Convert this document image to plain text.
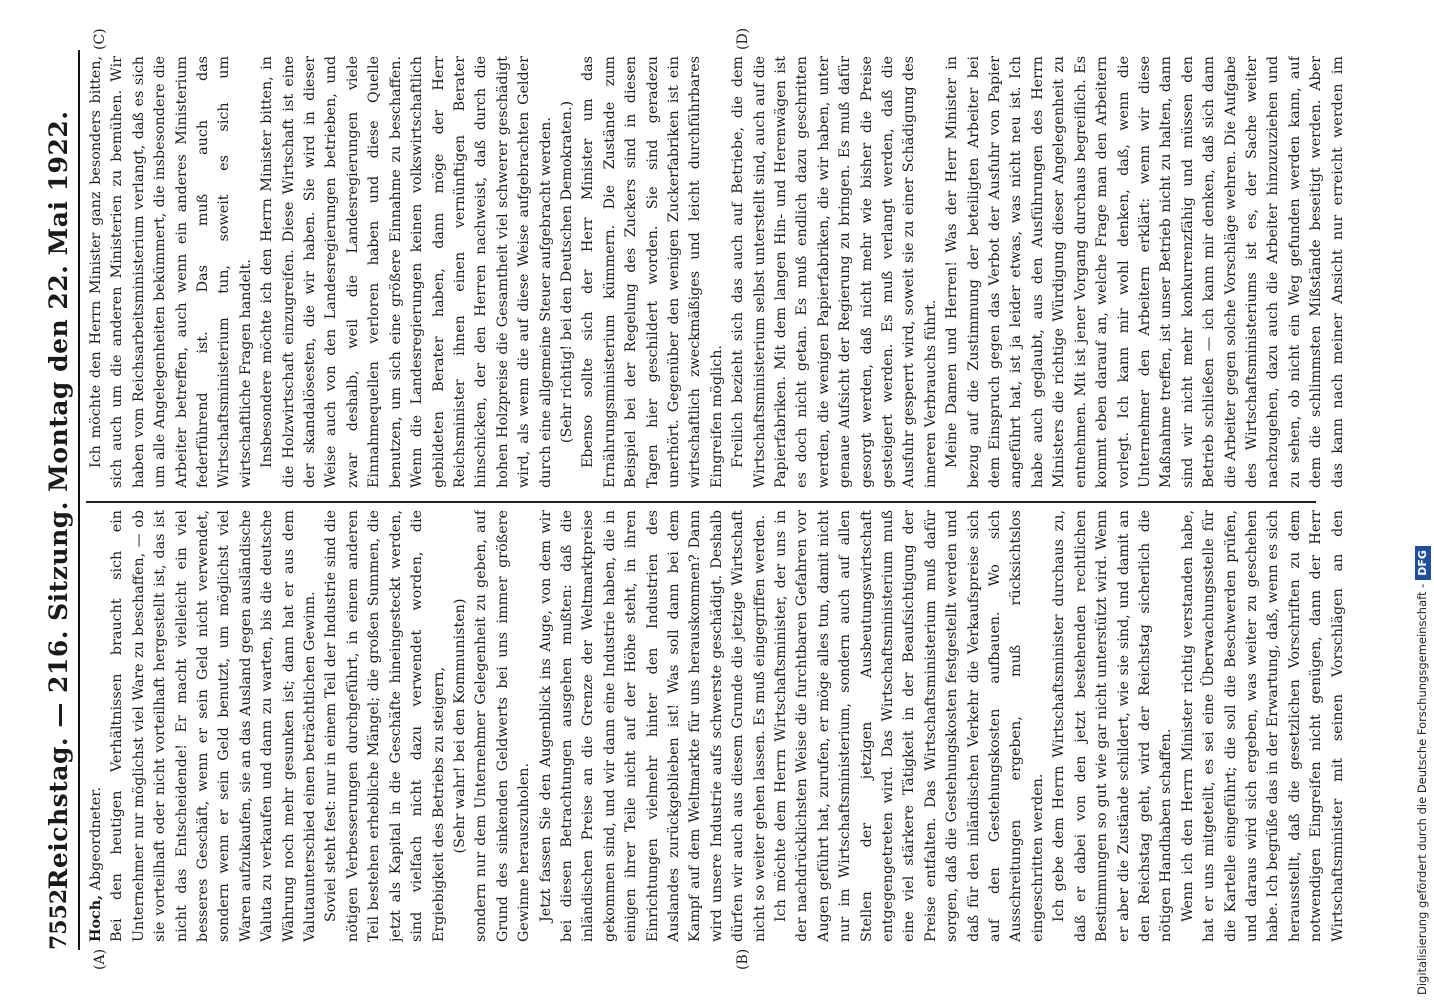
7552
Reichstag. — 216. Sitzung. Montag den 22. Mai 1922.
(A)	(B)
(C)	(D)

Hoch, Abgeordneter. Bei den heutigen Verhältnissen braucht sich ein Unternehmer nur möglichst viel Ware zu beschaffen, — ob sie vorteilhaft oder nicht vorteilhaft hergestellt ist, das ist nicht das Entscheidende! Er macht vielleicht ein viel besseres Geschäft, wenn er sein Geld nicht verwendet, sondern wenn er sein Geld benutzt, um möglichst viel Waren aufzukaufen, sie an das Ausland gegen ausländische Valuta zu verkaufen und dann zu warten, bis die deutsche Währung noch mehr gesunken ist; dann hat er aus dem Valutaunterschied einen beträchtlichen Gewinn. Soviel steht fest: nur in einem Teil der Industrie sind die nötigen Verbesserungen durchgeführt, in einem anderen Teil bestehen erhebliche Mängel; die großen Summen, die jetzt als Kapital in die Geschäfte hineingesteckt werden, sind vielfach nicht dazu verwendet worden, die Ergiebigkeit des Betriebs zu steigern, (Sehr wahr! bei den Kommunisten) sondern nur dem Unternehmer Gelegenheit zu geben, auf Grund des sinkenden Geldwerts bei uns immer größere Gewinne herauszuholen. Jetzt fassen Sie den Augenblick ins Auge, von dem wir bei diesen Betrachtungen ausgehen mußten: daß die inländischen Preise an die Grenze der Weltmarktpreise gekommen sind, und wir dann eine Industrie haben, die in einigen ihrer Teile nicht auf der Höhe steht, in ihren Einrichtungen vielmehr hinter den Industrien des Auslandes zurückgeblieben ist! Was soll dann bei dem Kampf auf dem Weltmarkte für uns herauskommen? Dann wird unsere Industrie aufs schwerste geschädigt. Deshalb dürfen wir auch aus diesem Grunde die jetzige Wirtschaft nicht so weiter gehen lassen. Es muß eingegriffen werden. Ich möchte dem Herrn Wirtschaftsminister, der uns in der nachdrücklichsten Weise die furchtbaren Gefahren vor Augen geführt hat, zurufen, er möge alles tun, damit nicht nur im Wirtschaftsministerium, sondern auch auf allen Stellen der jetzigen Ausbeutungswirtschaft entgegengetreten wird. Das Wirtschaftsministerium muß eine viel stärkere Tätigkeit in der Beaufsichtigung der Preise entfalten. Das Wirtschaftsministerium muß dafür sorgen, daß die Gestehungskosten festgestellt werden und daß für den inländischen Verkehr die Verkaufspreise sich auf den Gestehungskosten aufbauen. Wo sich Ausschreitungen ergeben, muß rücksichtslos eingeschritten werden. Ich gebe dem Herrn Wirtschaftsminister durchaus zu, daß er dabei von den jetzt bestehenden rechtlichen Bestimmungen so gut wie gar nicht unterstützt wird. Wenn er aber die Zustände schildert, wie sie sind, und damit an den Reichstag geht, wird der Reichstag sicherlich die nötigen Handhaben schaffen. Wenn ich den Herrn Minister richtig verstanden habe, hat er uns mitgeteilt, es sei eine Überwachungsstelle für die Kartelle eingeführt; die soll die Beschwerden prüfen, und daraus wird sich ergeben, was weiter zu geschehen habe. Ich begrüße das in der Erwartung, daß, wenn es sich herausstellt, daß die gesetzlichen Vorschriften zu dem notwendigen Eingreifen nicht genügen, dann der Herr Wirtschaftsminister mit seinen Vorschlägen an den

Ich möchte den Herrn Minister ganz besonders bitten, sich auch um die anderen Ministerien zu bemühen. Wir haben vom Reichsarbeitsministerium verlangt, daß es sich um alle Angelegenheiten bekümmert, die insbesondere die Arbeiter betreffen, auch wenn ein anderes Ministerium federführend ist. Das muß auch das Wirtschaftsministerium tun, soweit es sich um wirtschaftliche Fragen handelt. Insbesondere möchte ich den Herrn Minister bitten, in die Holzwirtschaft einzugreifen. Diese Wirtschaft ist eine der skandalösesten, die wir haben. Sie wird in dieser Weise auch von den Landesregierungen betrieben, und zwar deshalb, weil die Landesregierungen viele Einnahmequellen verloren haben und diese Quelle benutzen, um sich eine größere Einnahme zu beschaffen. Wenn die Landesregierungen keinen volkswirtschaftlich gebildeten Berater haben, dann möge der Herr Reichsminister ihnen einen vernünftigen Berater hinschicken, der den Herren nachweist, daß durch die hohen Holzpreise die Gesamtheit viel schwerer geschädigt wird, als wenn die auf diese Weise aufgebrachten Gelder durch eine allgemeine Steuer aufgebracht werden. (Sehr richtig! bei den Deutschen Demokraten.) Ebenso sollte sich der Herr Minister um das Ernährungsministerium kümmern. Die Zustände zum Beispiel bei der Regelung des Zuckers sind in diesen Tagen hier geschildert worden. Sie sind geradezu unerhört. Gegenüber den wenigen Zuckerfabriken ist ein wirtschaftlich zweckmäßiges und leicht durchführbares Eingreifen möglich. Freilich bezieht sich das auch auf Betriebe, die dem Wirtschaftsministerium selbst unterstellt sind, auch auf die Papierfabriken. Mit dem langen Hin- und Herenwägen ist es doch nicht getan. Es muß endlich dazu geschritten werden, die wenigen Papierfabriken, die wir haben, unter genaue Aufsicht der Regierung zu bringen. Es muß dafür gesorgt werden, daß nicht mehr wie bisher die Preise gesteigert werden. Es muß verlangt werden, daß die Ausfuhr gesperrt wird, soweit sie zu einer Schädigung des inneren Verbrauchs führt. Meine Damen und Herren! Was der Herr Minister in bezug auf die Zustimmung der beteiligten Arbeiter bei dem Einspruch gegen das Verbot der Ausfuhr von Papier angeführt hat, ist ja leider etwas, was nicht neu ist. Ich habe auch geglaubt, aus den Ausführungen des Herrn Ministers die richtige Würdigung dieser Angelegenheit zu entnehmen. Mit ist jener Vorgang durchaus begreiflich. Es kommt eben darauf an, welche Frage man den Arbeitern vorlegt. Ich kann mir wohl denken, daß, wenn die Unternehmer den Arbeitern erklärt: wenn wir diese Maßnahme treffen, ist unser Betrieb nicht zu halten, dann sind wir nicht mehr konkurrenzfähig und müssen den Betrieb schließen — ich kann mir denken, daß sich dann die Arbeiter gegen solche Vorschläge wehren. Die Aufgabe des Wirtschaftsministeriums ist es, der Sache weiter nachzugehen, dazu auch die Arbeiter hinzuzuziehen und zu sehen, ob nicht ein Weg gefunden werden kann, auf dem die schlimmsten Mißstände beseitigt werden. Aber das kann nach meiner Ansicht nur erreicht werden im

Digitalisierung gefördert durch die Deutsche Forschungsgemeinschaft -DFG
